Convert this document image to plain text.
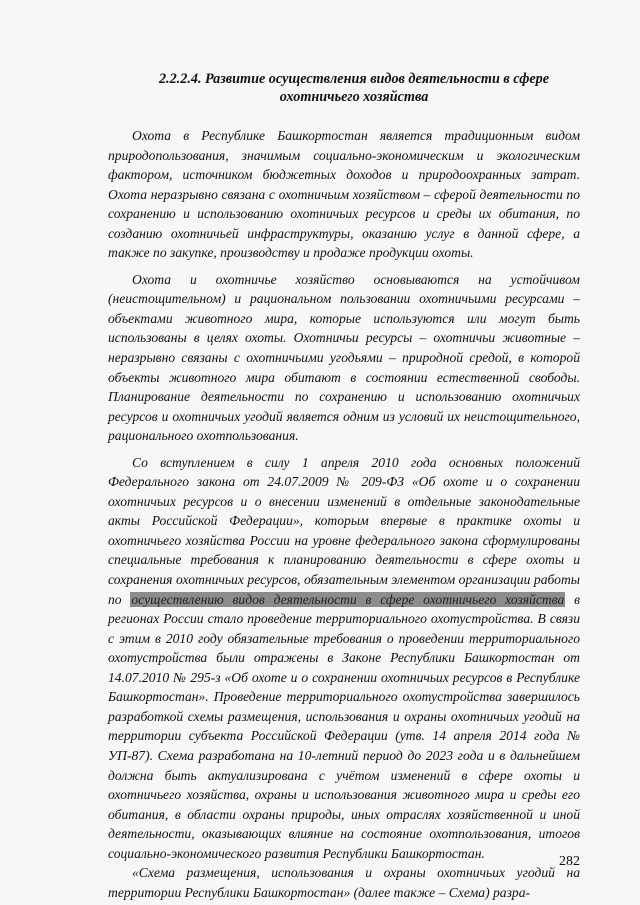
2.2.2.4. Развитие осуществления видов деятельности в сфере
охотничьего хозяйства

Охота в Республике Башкортостан является традиционным видом природопользования, значимым социально-экономическим и экологическим фактором, источником бюджетных доходов и природоохранных затрат. Охота неразрывно связана с охотничьим хозяйством – сферой деятельности по сохранению и использованию охотничьих ресурсов и среды их обитания, по созданию охотничьей инфраструктуры, оказанию услуг в данной сфере, а также по закупке, производству и продаже продукции охоты.

Охота и охотничье хозяйство основываются на устойчивом (неистощительном) и рациональном пользовании охотничьими ресурсами – объектами животного мира, которые используются или могут быть использованы в целях охоты. Охотничьи ресурсы – охотничьи животные – неразрывно связаны с охотничьими угодьями – природной средой, в которой объекты животного мира обитают в состоянии естественной свободы. Планирование деятельности по сохранению и использованию охотничьих ресурсов и охотничьих угодий является одним из условий их неистощительного, рационального охотпользования.

Со вступлением в силу 1 апреля 2010 года основных положений Федерального закона от 24.07.2009 № 209-ФЗ «Об охоте и о сохранении охотничьих ресурсов и о внесении изменений в отдельные законодательные акты Российской Федерации», которым впервые в практике охоты и охотничьего хозяйства России на уровне федерального закона сформулированы специальные требования к планированию деятельности в сфере охоты и сохранения охотничьих ресурсов, обязательным элементом организации работы по осуществлению видов деятельности в сфере охотничьего хозяйства в регионах России стало проведение территориального охотустройства. В связи с этим в 2010 году обязательные требования о проведении территориального охотустройства были отражены в Законе Республики Башкортостан от 14.07.2010 № 295-з «Об охоте и о сохранении охотничьих ресурсов в Республике Башкортостан». Проведение территориального охотустройства завершилось разработкой схемы размещения, использования и охраны охотничьих угодий на территории субъекта Российской Федерации (утв. 14 апреля 2014 года № УП-87). Схема разработана на 10-летний период до 2023 года и в дальнейшем должна быть актуализирована с учётом изменений в сфере охоты и охотничьего хозяйства, охраны и использования животного мира и среды его обитания, в области охраны природы, иных отраслях хозяйственной и иной деятельности, оказывающих влияние на состояние охотпользования, итогов социально-экономического развития Республики Башкортостан.

«Схема размещения, использования и охраны охотничьих угодий на территории Республики Башкортостан» (далее также – Схема) разра-

282
